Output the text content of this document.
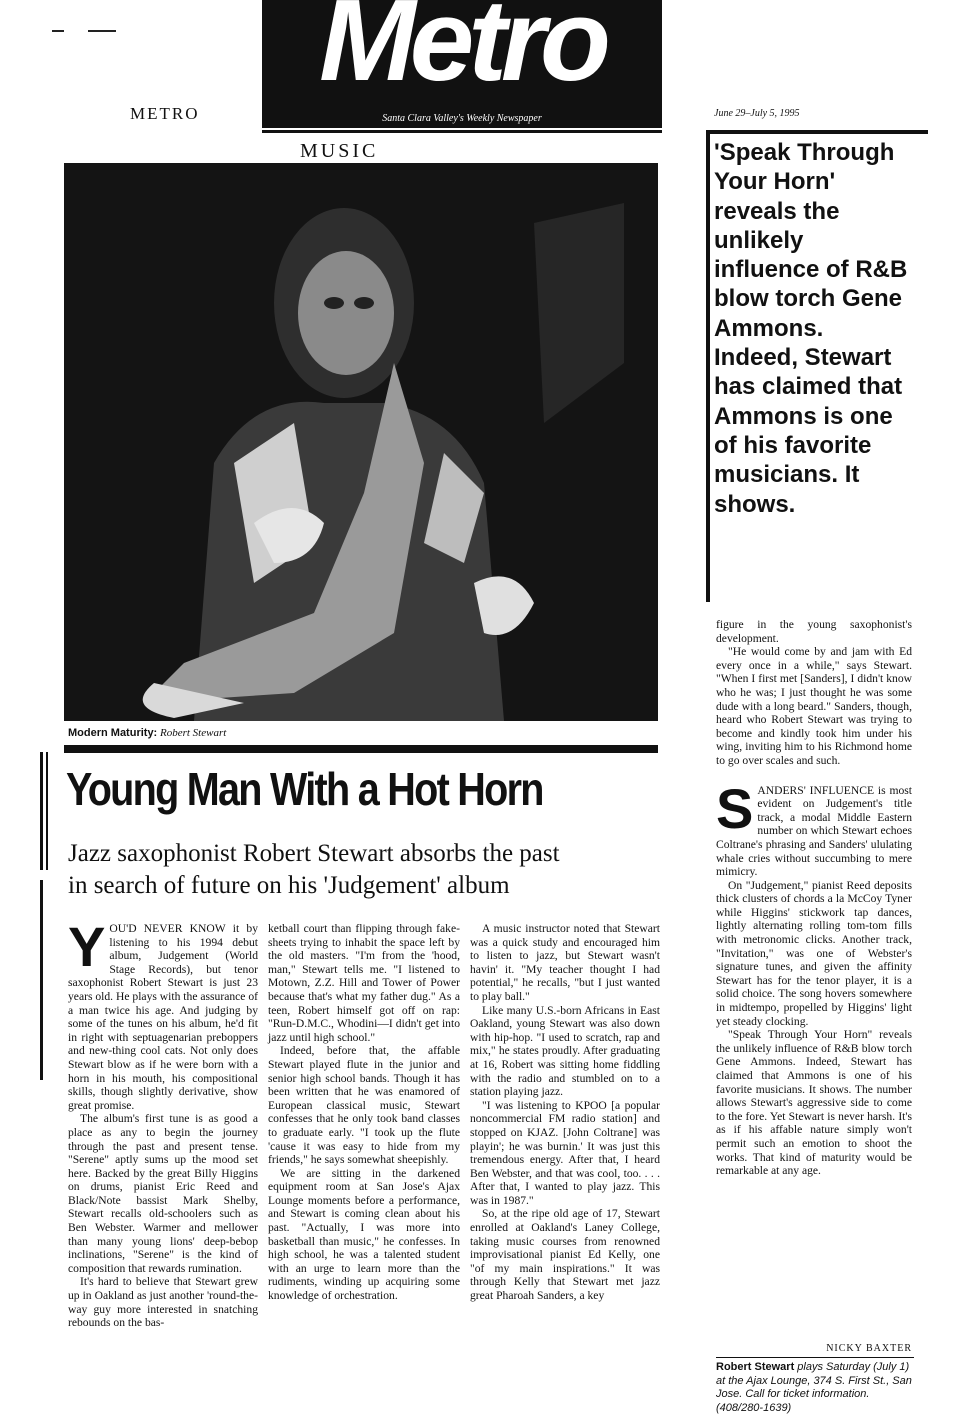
METRO
Metro
Santa Clara Valley's Weekly Newspaper	June 29–July 5, 1995
MUSIC
Modern Maturity: Robert Stewart
Young Man With a Hot Horn
Jazz saxophonist Robert Stewart absorbs the past
in search of future on his 'Judgement' album

YOU'D NEVER KNOW it by listening to his 1994 debut album, Judgement (World Stage Records), but tenor saxophonist Robert Stewart is just 23 years old. He plays with the assurance of a man twice his age. And judging by some of the tunes on his album, he'd fit in right with septuagenarian preboppers and new-thing cool cats. Not only does Stewart blow as if he were born with a horn in his mouth, his compositional skills, though slightly derivative, show great promise.

The album's first tune is as good a place as any to begin the journey through the past and present tense. "Serene" aptly sums up the mood set here. Backed by the great Billy Higgins on drums, pianist Eric Reed and Black/Note bassist Mark Shelby, Stewart recalls old-schoolers such as Ben Webster. Warmer and mellower than many young lions' deep-bebop inclinations, "Serene" is the kind of composition that rewards rumination.

It's hard to believe that Stewart grew up in Oakland as just another 'round-the-way guy more interested in snatching rebounds on the bas-

ketball court than flipping through fake-sheets trying to inhabit the space left by the old masters. "I'm from the 'hood, man," Stewart tells me. "I listened to Motown, Z.Z. Hill and Tower of Power because that's what my father dug." As a teen, Robert himself got off on rap: "Run-D.M.C., Whodini—I didn't get into jazz until high school."

Indeed, before that, the affable Stewart played flute in the junior and senior high school bands. Though it has been written that he was enamored of European classical music, Stewart confesses that he only took band classes to graduate early. "I took up the flute 'cause it was easy to hide from my friends," he says somewhat sheepishly.

We are sitting in the darkened equipment room at San Jose's Ajax Lounge moments before a performance, and Stewart is coming clean about his past. "Actually, I was more into basketball than music," he confesses. In high school, he was a talented student with an urge to learn more than the rudiments, winding up acquiring some knowledge of orchestration.

A music instructor noted that Stewart was a quick study and encouraged him to listen to jazz, but Stewart wasn't havin' it. "My teacher thought I had potential," he recalls, "but I just wanted to play ball."

Like many U.S.-born Africans in East Oakland, young Stewart was also down with hip-hop. "I used to scratch, rap and mix," he states proudly. After graduating at 16, Robert was sitting home fiddling with the radio and stumbled on to a station playing jazz.

"I was listening to KPOO [a popular noncommercial FM radio station] and stopped on KJAZ. [John Coltrane] was playin'; he was burnin.' It was just this tremendous energy. After that, I heard Ben Webster, and that was cool, too. . . . After that, I wanted to play jazz. This was in 1987."

So, at the ripe old age of 17, Stewart enrolled at Oakland's Laney College, taking music courses from renowned improvisational pianist Ed Kelly, one "of my main inspirations." It was through Kelly that Stewart met jazz great Pharoah Sanders, a key

'Speak Through Your Horn' reveals the unlikely influence of R&B blow torch Gene Ammons. Indeed, Stewart has claimed that Ammons is one of his favorite musicians. It shows.

figure in the young saxophonist's development.

"He would come by and jam with Ed every once in a while," says Stewart. "When I first met [Sanders], I didn't know who he was; I just thought he was some dude with a long beard." Sanders, though, heard who Robert Stewart was trying to become and kindly took him under his wing, inviting him to his Richmond home to go over scales and such.

SANDERS' INFLUENCE is most evident on Judgement's title track, a modal Middle Eastern number on which Stewart echoes Coltrane's phrasing and Sanders' ululating whale cries without succumbing to mere mimicry.

On "Judgement," pianist Reed deposits thick clusters of chords a la McCoy Tyner while Higgins' stickwork tap dances, lightly alternating rolling tom-tom fills with metronomic clicks. Another track, "Invitation," was one of Webster's signature tunes, and given the affinity Stewart has for the tenor player, it is a solid choice. The song hovers somewhere in midtempo, propelled by Higgins' light yet steady clocking.

"Speak Through Your Horn" reveals the unlikely influence of R&B blow torch Gene Ammons. Indeed, Stewart has claimed that Ammons is one of his favorite musicians. It shows. The number allows Stewart's aggressive side to come to the fore. Yet Stewart is never harsh. It's as if his affable nature simply won't permit such an emotion to shoot the works. That kind of maturity would be remarkable at any age.

NICKY BAXTER
Robert Stewart plays Saturday (July 1) at the Ajax Lounge, 374 S. First St., San Jose. Call for ticket information. (408/280-1639)
